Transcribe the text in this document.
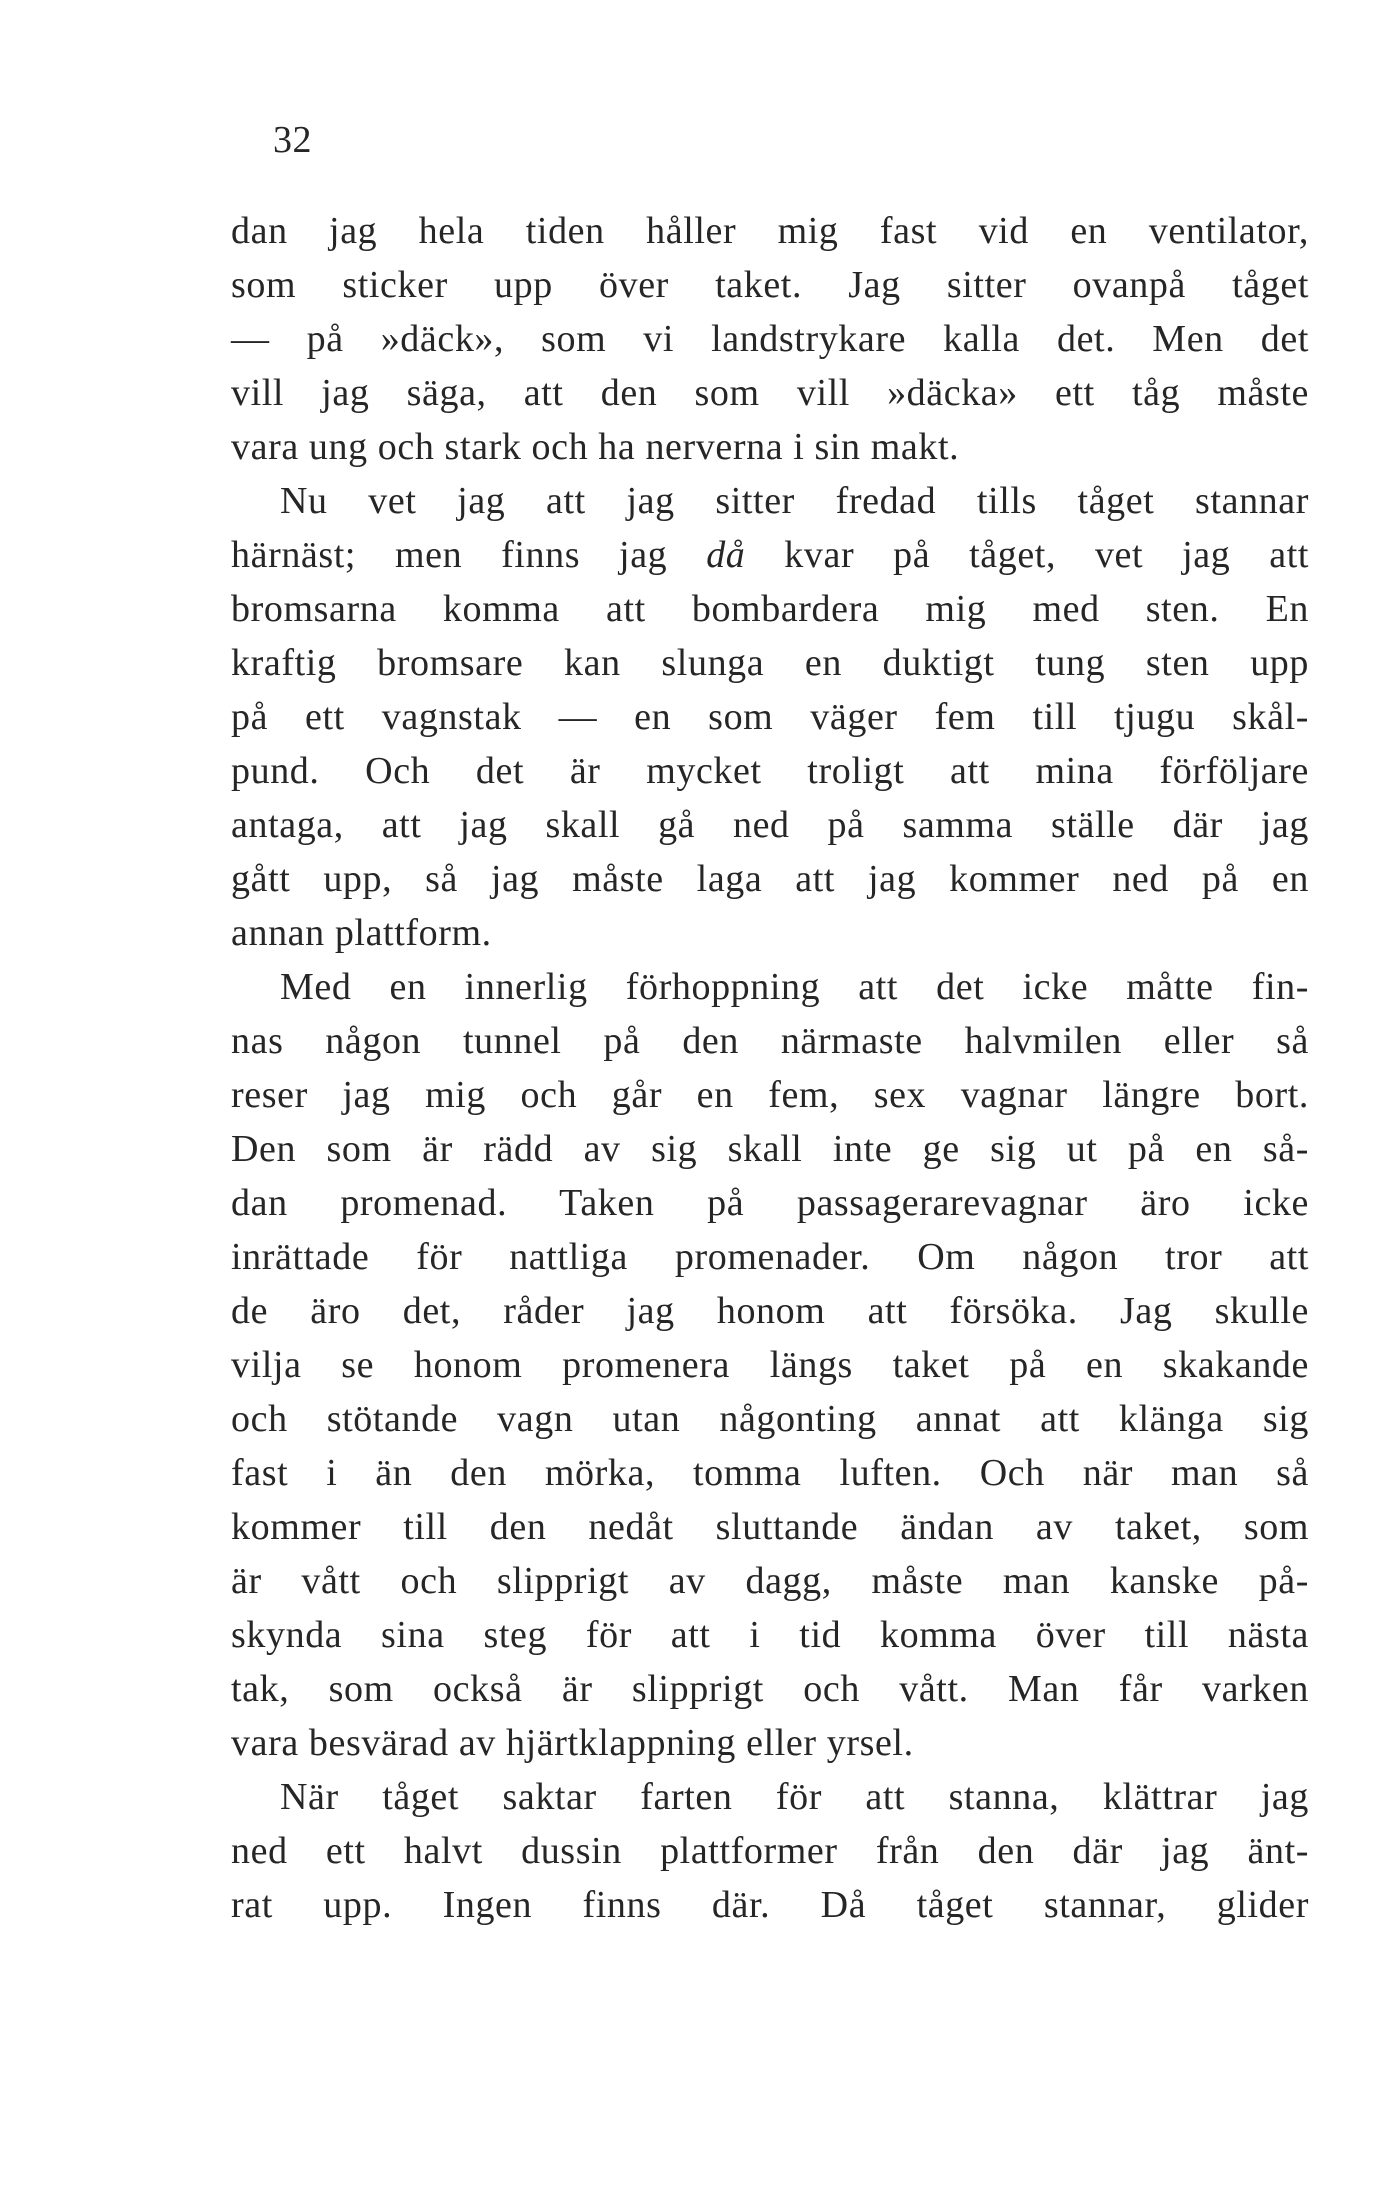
32
dan jag hela tiden håller mig fast vid en ventilator,
som sticker upp över taket. Jag sitter ovanpå tåget
— på »däck», som vi landstrykare kalla det. Men det
vill jag säga, att den som vill »däcka» ett tåg måste
vara ung och stark och ha nerverna i sin makt.
Nu vet jag att jag sitter fredad tills tåget stannar
härnäst; men finns jag då kvar på tåget, vet jag att
bromsarna komma att bombardera mig med sten. En
kraftig bromsare kan slunga en duktigt tung sten upp
på ett vagnstak — en som väger fem till tjugu skål-
pund. Och det är mycket troligt att mina förföljare
antaga, att jag skall gå ned på samma ställe där jag
gått upp, så jag måste laga att jag kommer ned på en
annan plattform.
Med en innerlig förhoppning att det icke måtte fin-
nas någon tunnel på den närmaste halvmilen eller så
reser jag mig och går en fem, sex vagnar längre bort.
Den som är rädd av sig skall inte ge sig ut på en så-
dan promenad. Taken på passagerarevagnar äro icke
inrättade för nattliga promenader. Om någon tror att
de äro det, råder jag honom att försöka. Jag skulle
vilja se honom promenera längs taket på en skakande
och stötande vagn utan någonting annat att klänga sig
fast i än den mörka, tomma luften. Och när man så
kommer till den nedåt sluttande ändan av taket, som
är vått och slipprigt av dagg, måste man kanske på-
skynda sina steg för att i tid komma över till nästa
tak, som också är slipprigt och vått. Man får varken
vara besvärad av hjärtklappning eller yrsel.
När tåget saktar farten för att stanna, klättrar jag
ned ett halvt dussin plattformer från den där jag änt-
rat upp. Ingen finns där. Då tåget stannar, glider
